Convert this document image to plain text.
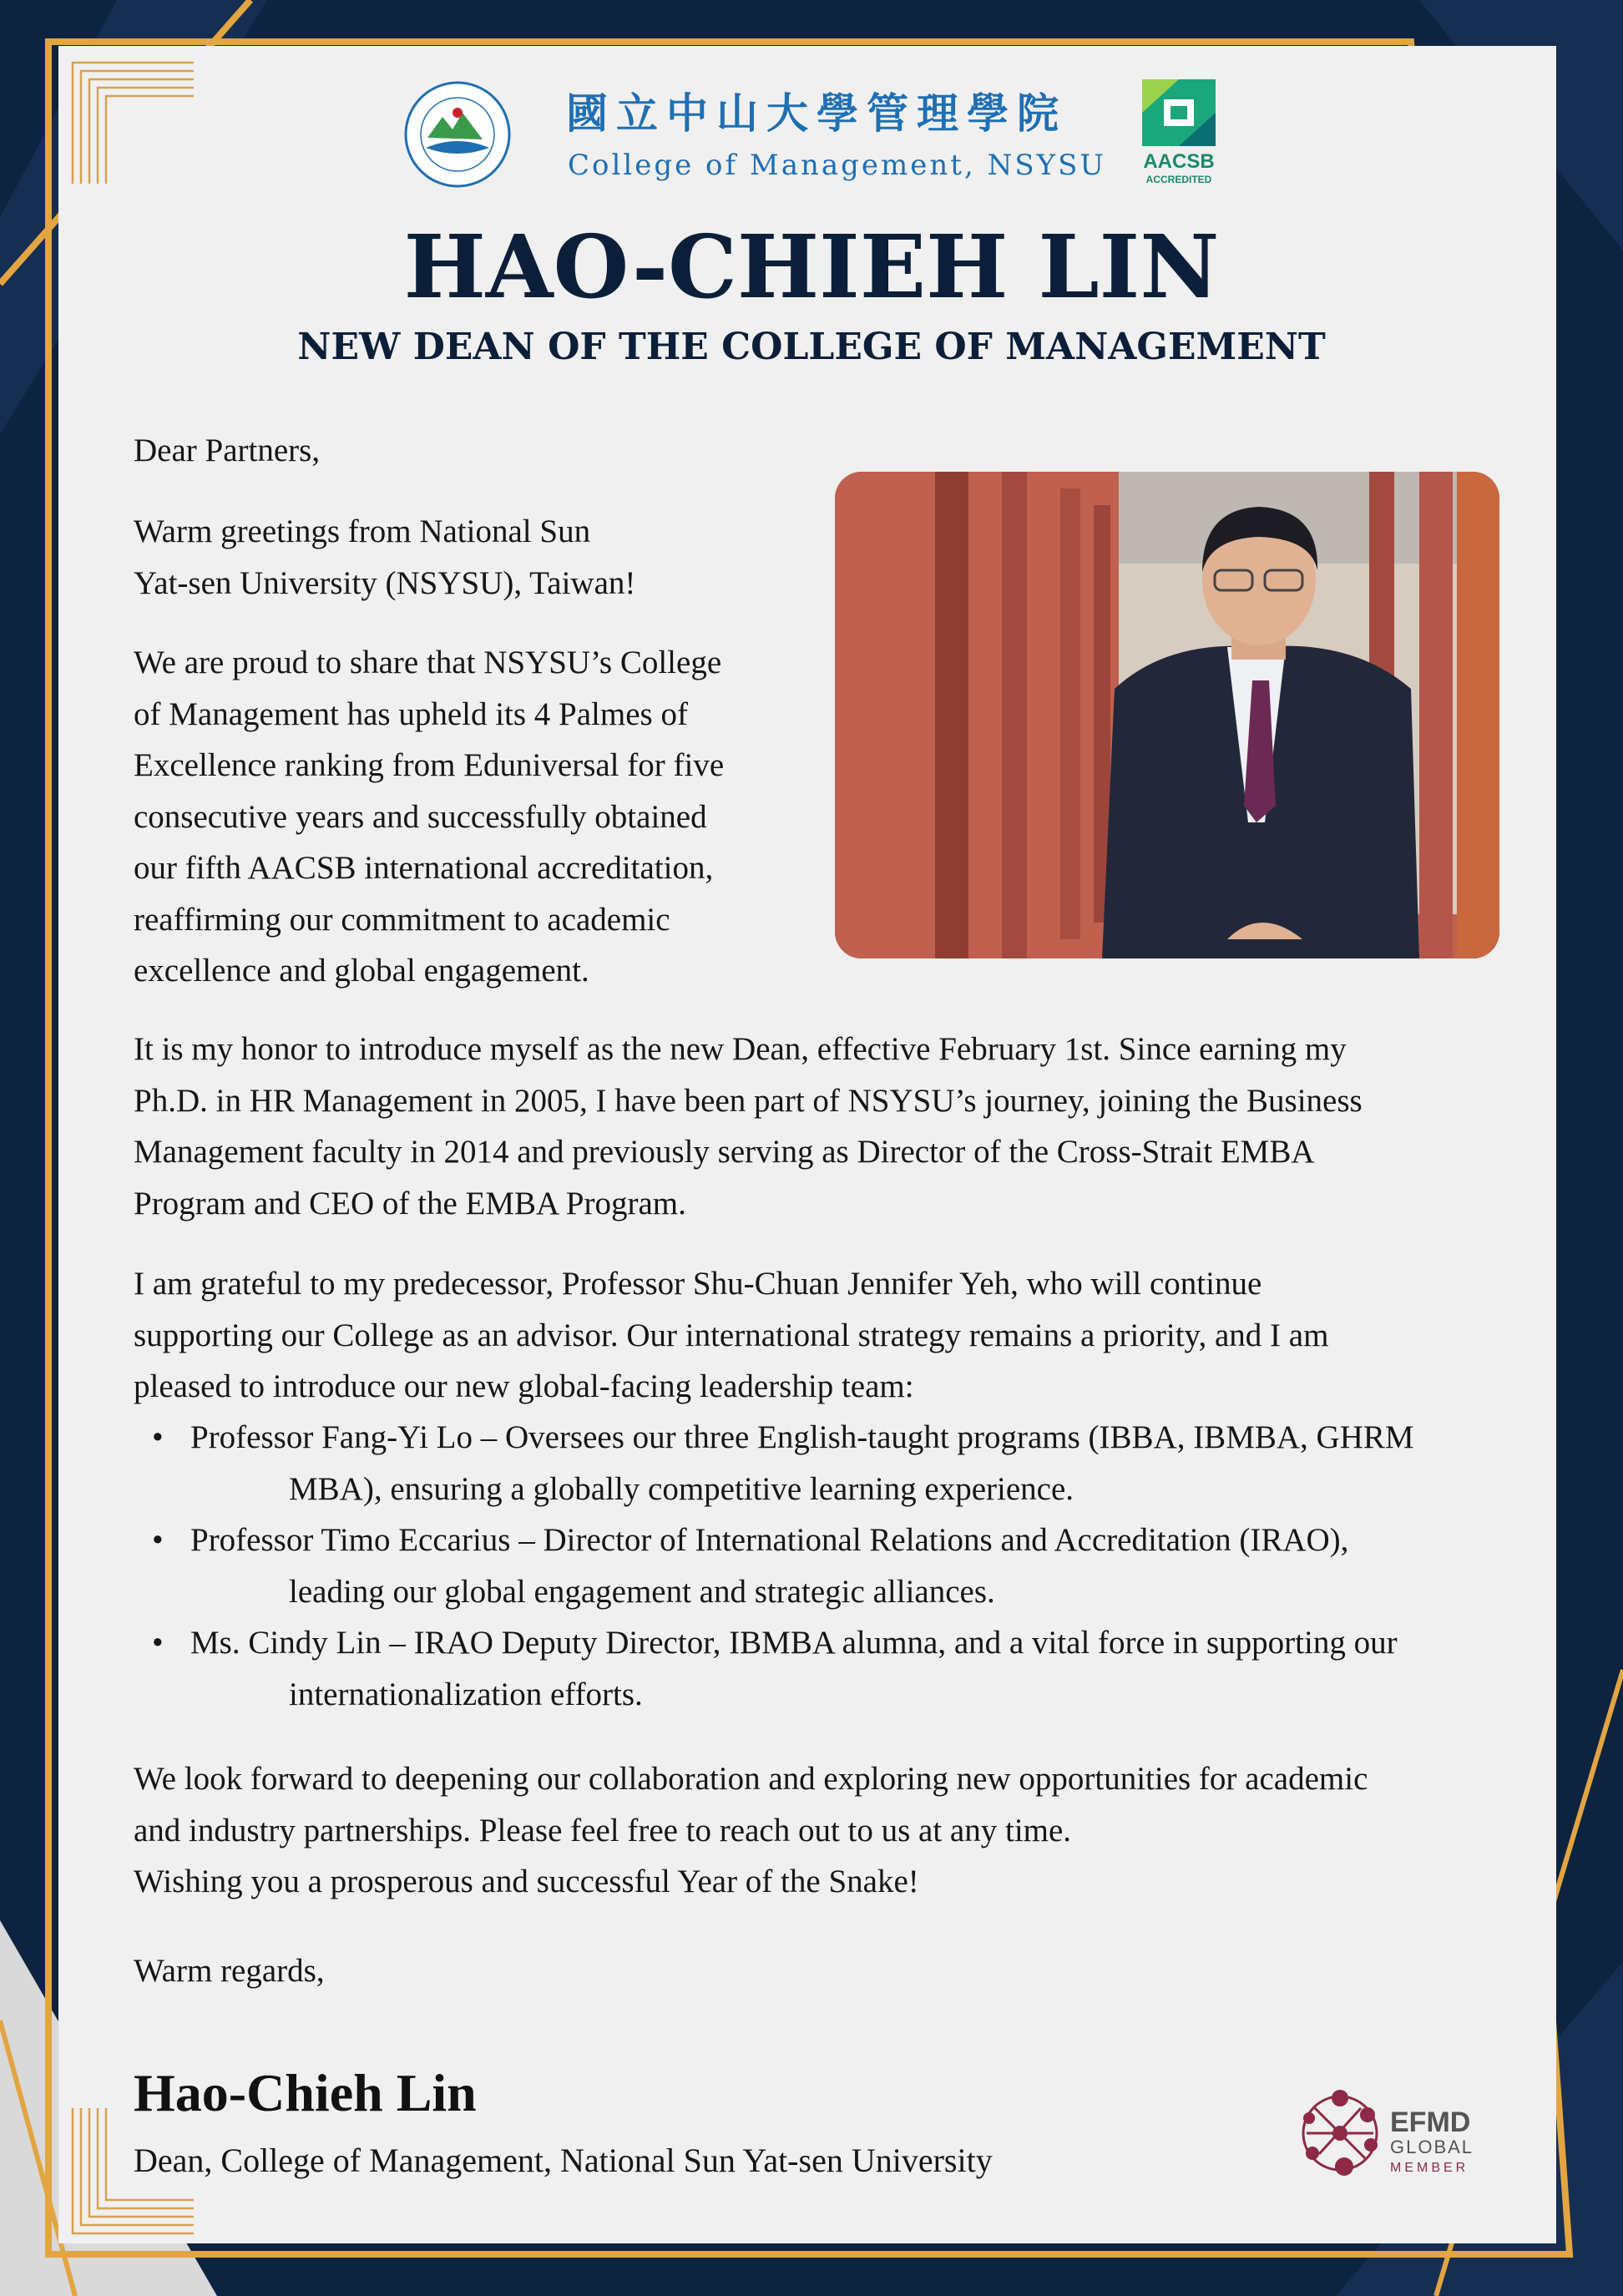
國立中山大學管理學院
College of Management, NSYSU AACSB
ACCREDITED
HAO-CHIEH LIN
NEW DEAN OF THE COLLEGE OF MANAGEMENT
Dear Partners,
Warm greetings from National Sun
Yat-sen University (NSYSU), Taiwan!
We are proud to share that NSYSU’s College
of Management has upheld its 4 Palmes of
Excellence ranking from Eduniversal for five
consecutive years and successfully obtained
our fifth AACSB international accreditation,
reaffirming our commitment to academic
excellence and global engagement.
It is my honor to introduce myself as the new Dean, effective February 1st. Since earning my
Ph.D. in HR Management in 2005, I have been part of NSYSU’s journey, joining the Business
Management faculty in 2014 and previously serving as Director of the Cross-Strait EMBA
Program and CEO of the EMBA Program.
I am grateful to my predecessor, Professor Shu-Chuan Jennifer Yeh, who will continue
supporting our College as an advisor. Our international strategy remains a priority, and I am
pleased to introduce our new global-facing leadership team:
• Professor Fang-Yi Lo – Oversees our three English-taught programs (IBBA, IBMBA, GHRM
MBA), ensuring a globally competitive learning experience.
• Professor Timo Eccarius – Director of International Relations and Accreditation (IRAO),
leading our global engagement and strategic alliances.
• Ms. Cindy Lin – IRAO Deputy Director, IBMBA alumna, and a vital force in supporting our
internationalization efforts.
We look forward to deepening our collaboration and exploring new opportunities for academic
and industry partnerships. Please feel free to reach out to us at any time.
Wishing you a prosperous and successful Year of the Snake!
Warm regards,
Hao-Chieh Lin
Dean, College of Management, National Sun Yat-sen University
EFMD
GLOBAL
MEMBER
